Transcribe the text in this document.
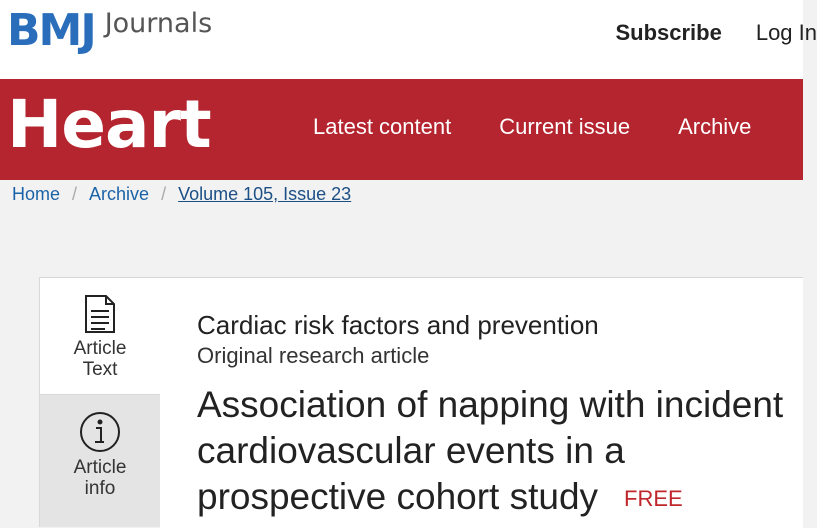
BMJ Journals	Subscribe Log In
Heart	Latest content Current issue Archive
Home / Archive / Volume 105, Issue 23
Article
Text
Article
info
Cardiac risk factors and prevention
Original research article
Association of napping with incident cardiovascular events in a prospective cohort study FREE
